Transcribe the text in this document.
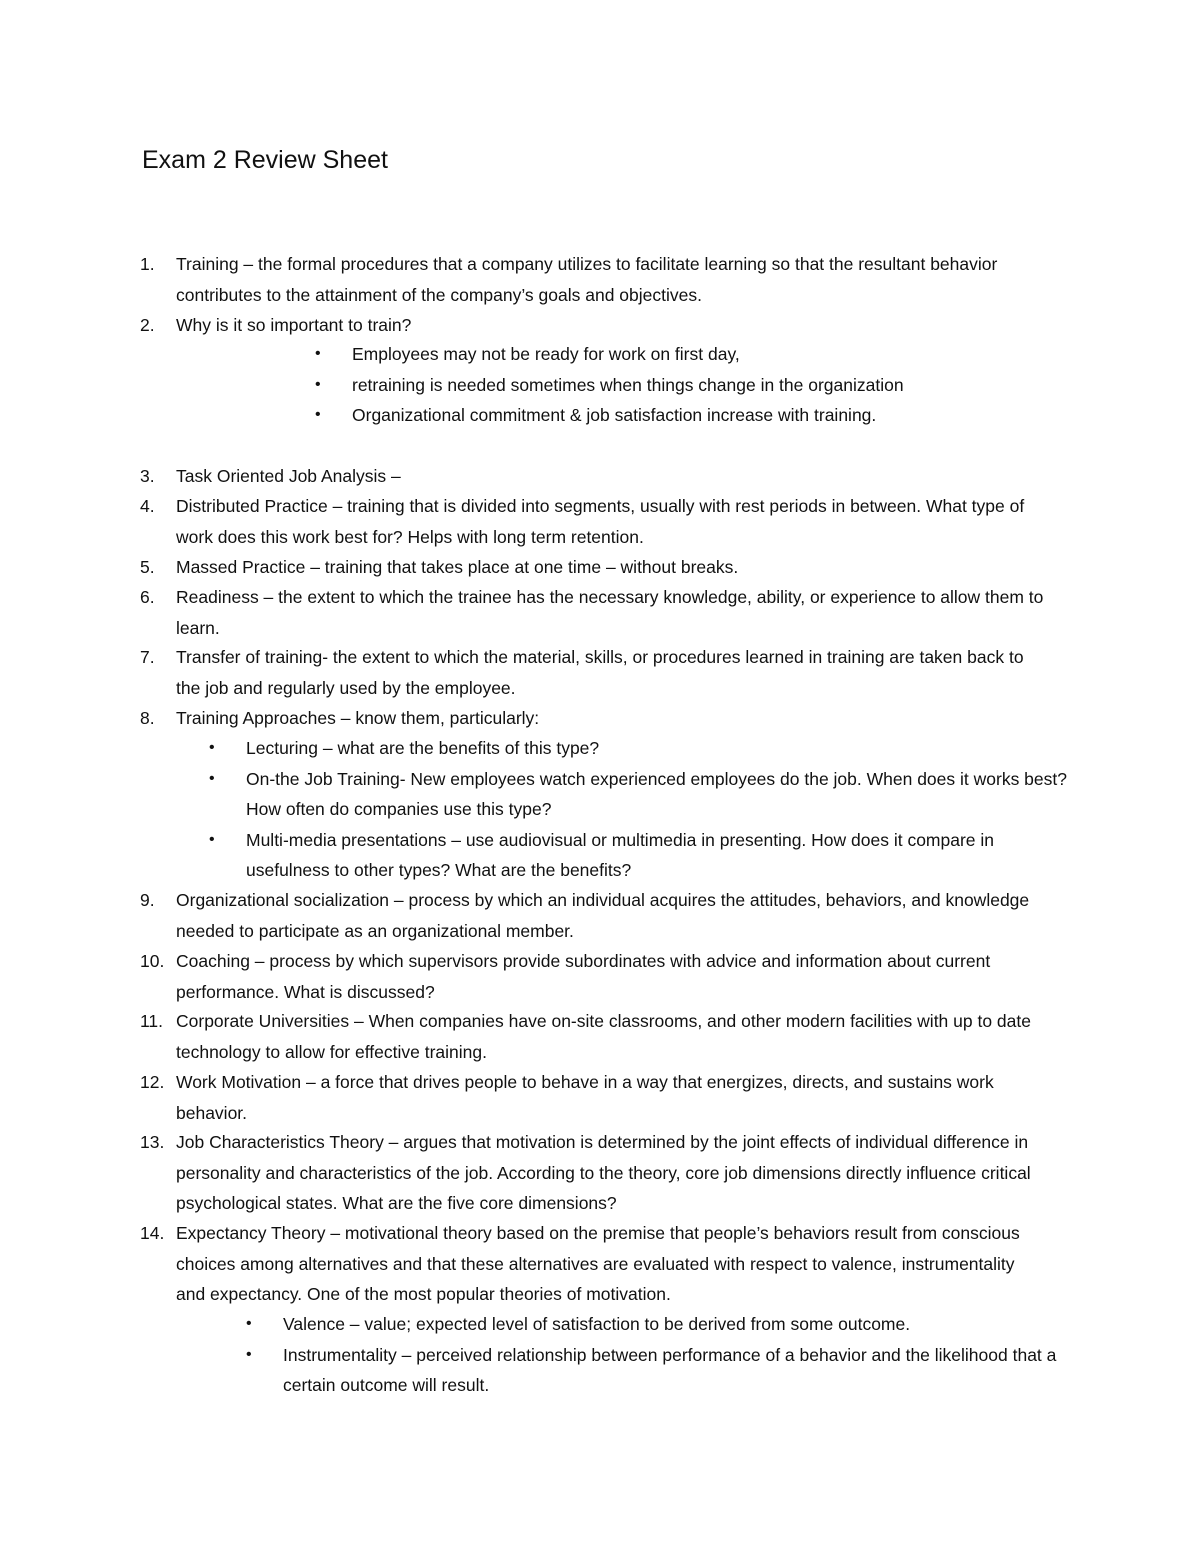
Exam 2 Review Sheet
1. Training – the formal procedures that a company utilizes to facilitate learning so that the resultant behavior contributes to the attainment of the company’s goals and objectives.
2. Why is it so important to train?
• Employees may not be ready for work on first day,
• retraining is needed sometimes when things change in the organization
• Organizational commitment & job satisfaction increase with training.
3. Task Oriented Job Analysis –
4. Distributed Practice – training that is divided into segments, usually with rest periods in between. What type of work does this work best for? Helps with long term retention.
5. Massed Practice – training that takes place at one time – without breaks.
6. Readiness – the extent to which the trainee has the necessary knowledge, ability, or experience to allow them to learn.
7. Transfer of training- the extent to which the material, skills, or procedures learned in training are taken back to the job and regularly used by the employee.
8. Training Approaches – know them, particularly:
• Lecturing – what are the benefits of this type?
• On-the Job Training- New employees watch experienced employees do the job. When does it works best? How often do companies use this type?
• Multi-media presentations – use audiovisual or multimedia in presenting. How does it compare in usefulness to other types? What are the benefits?
9. Organizational socialization – process by which an individual acquires the attitudes, behaviors, and knowledge needed to participate as an organizational member.
10. Coaching – process by which supervisors provide subordinates with advice and information about current performance. What is discussed?
11. Corporate Universities – When companies have on-site classrooms, and other modern facilities with up to date technology to allow for effective training.
12. Work Motivation – a force that drives people to behave in a way that energizes, directs, and sustains work behavior.
13. Job Characteristics Theory – argues that motivation is determined by the joint effects of individual difference in personality and characteristics of the job. According to the theory, core job dimensions directly influence critical psychological states. What are the five core dimensions?
14. Expectancy Theory – motivational theory based on the premise that people’s behaviors result from conscious choices among alternatives and that these alternatives are evaluated with respect to valence, instrumentality and expectancy. One of the most popular theories of motivation.
• Valence – value; expected level of satisfaction to be derived from some outcome.
• Instrumentality – perceived relationship between performance of a behavior and the likelihood that a certain outcome will result.
